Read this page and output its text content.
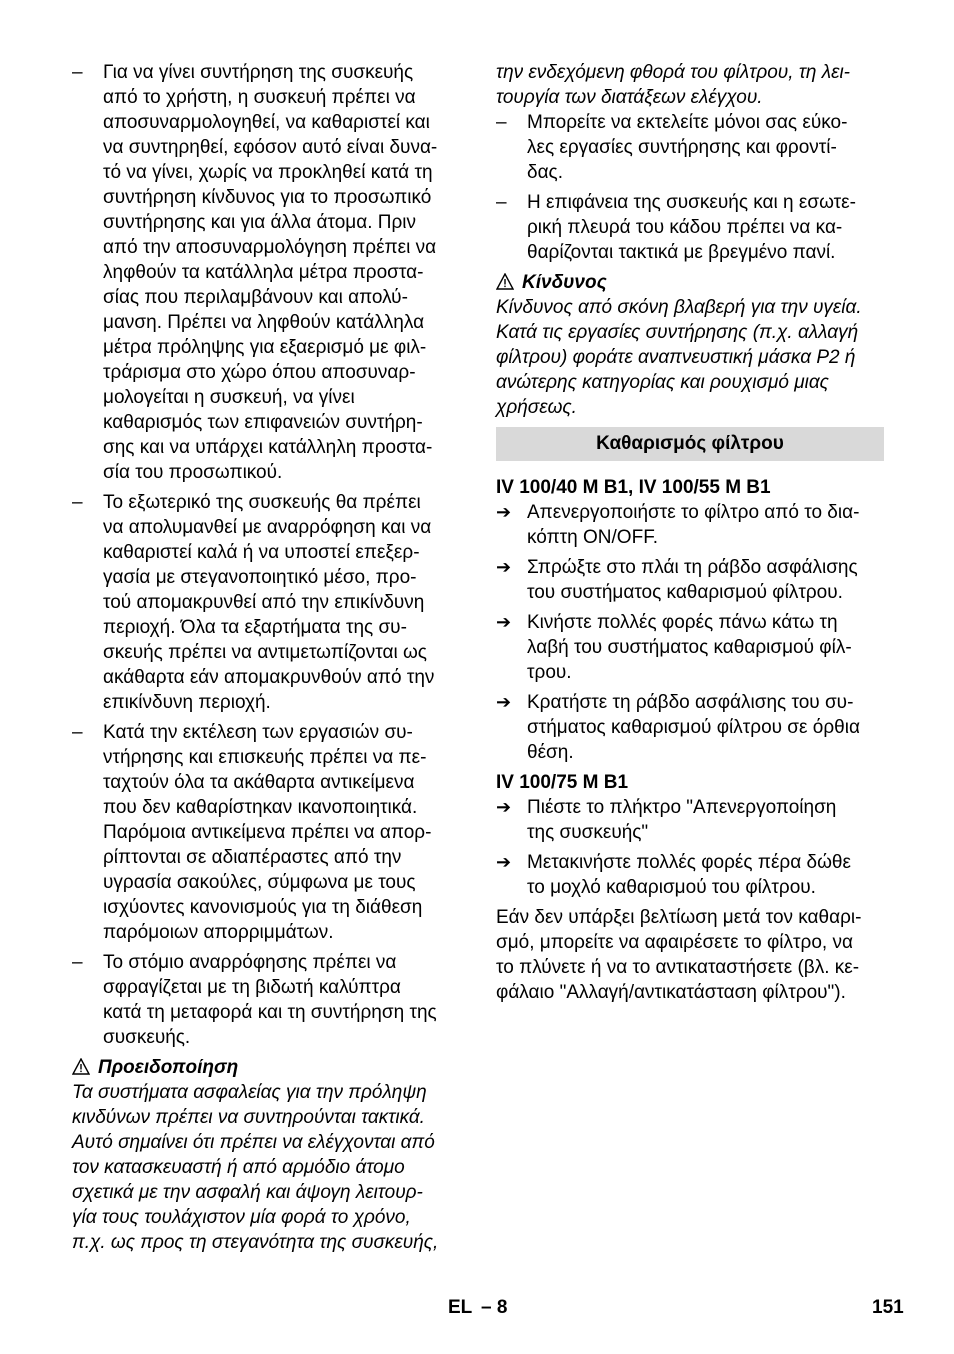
Για να γίνει συντήρηση της συσκευής
–
από το χρήστη, η συσκευή πρέπει να
αποσυναρμολογηθεί, να καθαριστεί και
να συντηρηθεί, εφόσον αυτό είναι δυνα-
τό να γίνει, χωρίς να προκληθεί κατά τη
συντήρηση κίνδυνος για το προσωπικό
συντήρησης και για άλλα άτομα. Πριν
από την αποσυναρμολόγηση πρέπει να
ληφθούν τα κατάλληλα μέτρα προστα-
σίας που περιλαμβάνουν και απολύ-
μανση. Πρέπει να ληφθούν κατάλληλα
μέτρα πρόληψης για εξαερισμό με φιλ-
τράρισμα στο χώρο όπου αποσυναρ-
μολογείται η συσκευή, να γίνει
καθαρισμός των επιφανειών συντήρη-
σης και να υπάρχει κατάλληλη προστα-
σία του προσωπικού.
Το εξωτερικό της συσκευής θα πρέπει
–
να απολυμανθεί με αναρρόφηση και να
καθαριστεί καλά ή να υποστεί επεξερ-
γασία με στεγανοποιητικό μέσο, προ-
τού απομακρυνθεί από την επικίνδυνη
περιοχή. Όλα τα εξαρτήματα της συ-
σκευής πρέπει να αντιμετωπίζονται ως
ακάθαρτα εάν απομακρυνθούν από την
επικίνδυνη περιοχή.
Κατά την εκτέλεση των εργασιών συ-
–
ντήρησης και επισκευής πρέπει να πε-
ταχτούν όλα τα ακάθαρτα αντικείμενα
που δεν καθαρίστηκαν ικανοποιητικά.
Παρόμοια αντικείμενα πρέπει να απορ-
ρίπτονται σε αδιαπέραστες από την
υγρασία σακούλες, σύμφωνα με τους
ισχύοντες κανονισμούς για τη διάθεση
παρόμοιων απορριμμάτων.
Το στόμιο αναρρόφησης πρέπει να
–
σφραγίζεται με τη βιδωτή καλύπτρα
κατά τη μεταφορά και τη συντήρηση της
συσκευής.
Προειδοποίηση
Τα συστήματα ασφαλείας για την πρόληψη
κινδύνων πρέπει να συντηρούνται τακτικά.
Αυτό σημαίνει ότι πρέπει να ελέγχονται από
τον κατασκευαστή ή από αρμόδιο άτομο
σχετικά με την ασφαλή και άψογη λειτουρ-
γία τους τουλάχιστον μία φορά το χρόνο,
π.χ. ως προς τη στεγανότητα της συσκευής,
την ενδεχόμενη φθορά του φίλτρου, τη λει-
τουργία των διατάξεων ελέγχου.
Μπορείτε να εκτελείτε μόνοι σας εύκο-
–
λες εργασίες συντήρησης και φροντί-
δας.
Η επιφάνεια της συσκευής και η εσωτε-
–
ρική πλευρά του κάδου πρέπει να κα-
θαρίζονται τακτικά με βρεγμένο πανί.
Κίνδυνος
Κίνδυνος από σκόνη βλαβερή για την υγεία.
Κατά τις εργασίες συντήρησης (π.χ. αλλαγή
φίλτρου) φοράτε αναπνευστική μάσκα P2 ή
ανώτερης κατηγορίας και ρουχισμό μιας
χρήσεως.
Καθαρισμός φίλτρου
IV 100/40 M B1, IV 100/55 M B1
Απενεργοποιήστε το φίλτρο από το δια-
➔
κόπτη ON/OFF.
Σπρώξτε στο πλάι τη ράβδο ασφάλισης
➔
του συστήματος καθαρισμού φίλτρου.
Κινήστε πολλές φορές πάνω κάτω τη
➔
λαβή του συστήματος καθαρισμού φίλ-
τρου.
Κρατήστε τη ράβδο ασφάλισης του συ-
➔
στήματος καθαρισμού φίλτρου σε όρθια
θέση.
IV 100/75 M B1
Πιέστε το πλήκτρο "Απενεργοποίηση
➔
της συσκευής"
Μετακινήστε πολλές φορές πέρα δώθε
➔
το μοχλό καθαρισμού του φίλτρου.
Εάν δεν υπάρξει βελτίωση μετά τον καθαρι-
σμό, μπορείτε να αφαιρέσετε το φίλτρο, να
το πλύνετε ή να το αντικαταστήσετε (βλ. κε-
φάλαιο "Αλλαγή/αντικατάσταση φίλτρου").
EL – 8	151
